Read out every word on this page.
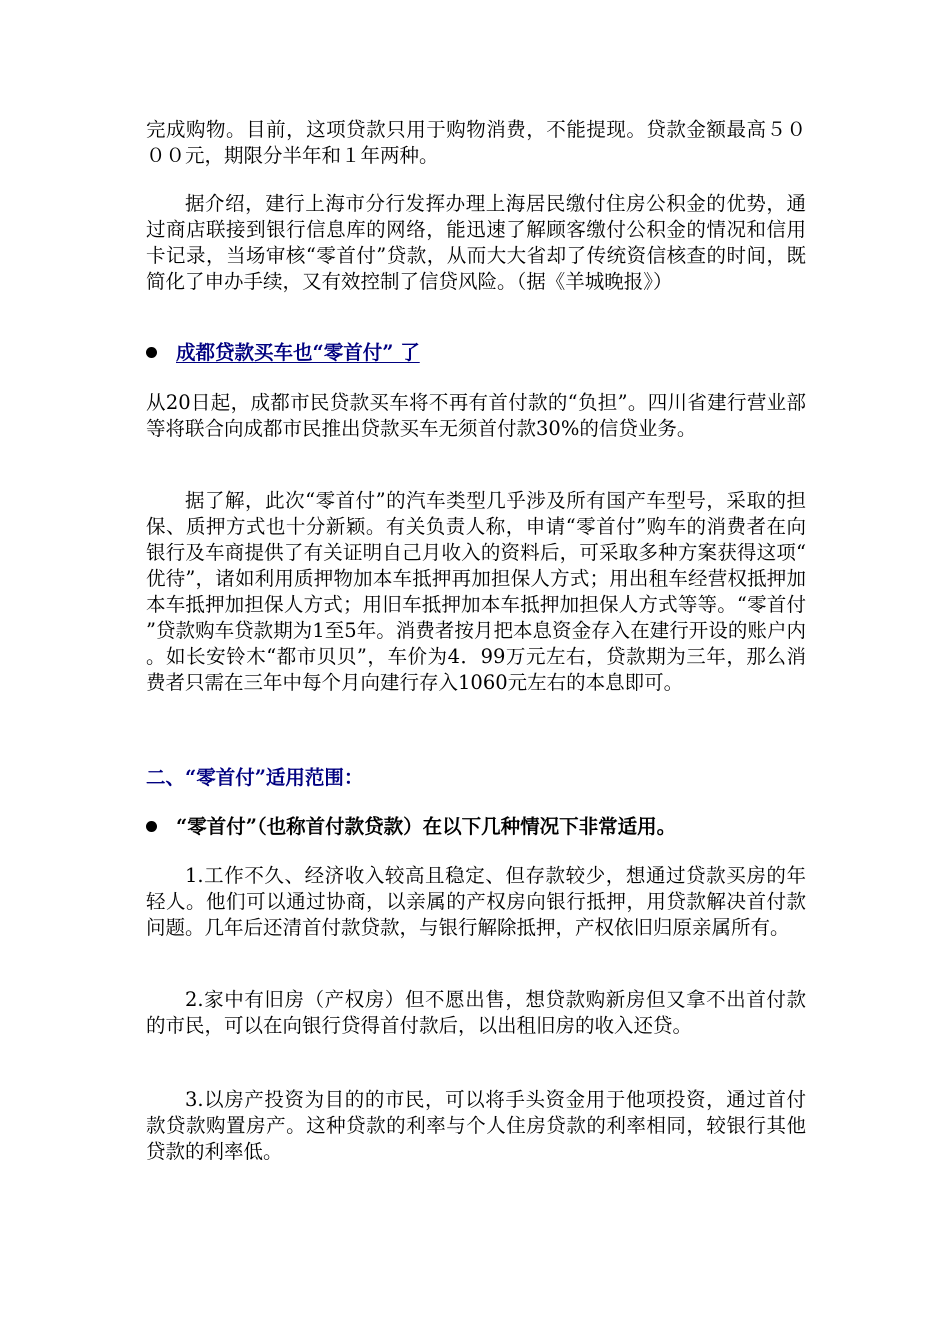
完成购物。目前，这项贷款只用于购物消费，不能提现。贷款金额最高５０００元，期限分半年和１年两种。

据介绍，建行上海市分行发挥办理上海居民缴付住房公积金的优势，通过商店联接到银行信息库的网络，能迅速了解顾客缴付公积金的情况和信用卡记录，当场审核“零首付”贷款，从而大大省却了传统资信核查的时间，既简化了申办手续，又有效控制了信贷风险。（据《羊城晚报》）

成都贷款买车也“零首付” 了

从20日起，成都市民贷款买车将不再有首付款的“负担”。四川省建行营业部等将联合向成都市民推出贷款买车无须首付款30%的信贷业务。

据了解，此次“零首付”的汽车类型几乎涉及所有国产车型号，采取的担保、质押方式也十分新颖。有关负责人称，申请“零首付”购车的消费者在向银行及车商提供了有关证明自己月收入的资料后，可采取多种方案获得这项“优待”，诸如利用质押物加本车抵押再加担保人方式；用出租车经营权抵押加本车抵押加担保人方式；用旧车抵押加本车抵押加担保人方式等等。“零首付”贷款购车贷款期为1至5年。消费者按月把本息资金存入在建行开设的账户内。如长安铃木“都市贝贝”，车价为4．99万元左右，贷款期为三年，那么消费者只需在三年中每个月向建行存入1060元左右的本息即可。

二、“零首付”适用范围：
“零首付”（也称首付款贷款）在以下几种情况下非常适用。

1.工作不久、经济收入较高且稳定、但存款较少，想通过贷款买房的年轻人。他们可以通过协商，以亲属的产权房向银行抵押，用贷款解决首付款问题。几年后还清首付款贷款，与银行解除抵押，产权依旧归原亲属所有。

2.家中有旧房（产权房）但不愿出售，想贷款购新房但又拿不出首付款的市民，可以在向银行贷得首付款后，以出租旧房的收入还贷。

3.以房产投资为目的的市民，可以将手头资金用于他项投资，通过首付款贷款购置房产。这种贷款的利率与个人住房贷款的利率相同，较银行其他贷款的利率低。
